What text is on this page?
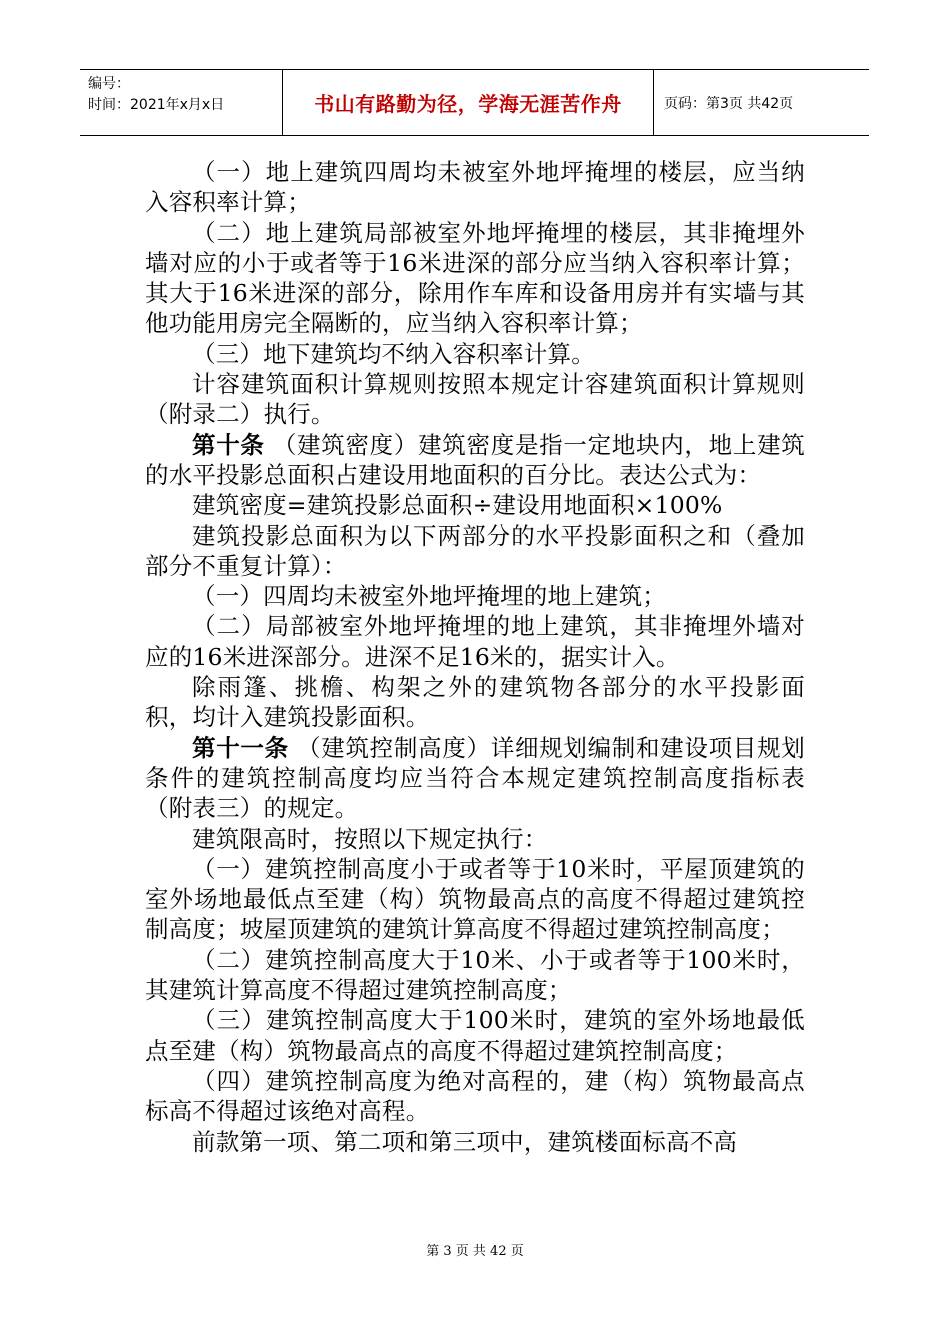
编号：
时间：2021年x月x日	书山有路勤为径，学海无涯苦作舟	页码：第3页 共42页

（一）地上建筑四周均未被室外地坪掩埋的楼层，应当纳入容积率计算；

（二）地上建筑局部被室外地坪掩埋的楼层，其非掩埋外墙对应的小于或者等于16米进深的部分应当纳入容积率计算；其大于16米进深的部分，除用作车库和设备用房并有实墙与其他功能用房完全隔断的，应当纳入容积率计算；

（三）地下建筑均不纳入容积率计算。

计容建筑面积计算规则按照本规定计容建筑面积计算规则（附录二）执行。

第十条 （建筑密度）建筑密度是指一定地块内，地上建筑的水平投影总面积占建设用地面积的百分比。表达公式为：

建筑密度=建筑投影总面积÷建设用地面积×100%

建筑投影总面积为以下两部分的水平投影面积之和（叠加部分不重复计算）：

（一）四周均未被室外地坪掩埋的地上建筑；

（二）局部被室外地坪掩埋的地上建筑，其非掩埋外墙对应的16米进深部分。进深不足16米的，据实计入。

除雨篷、挑檐、构架之外的建筑物各部分的水平投影面积，均计入建筑投影面积。

第十一条 （建筑控制高度）详细规划编制和建设项目规划条件的建筑控制高度均应当符合本规定建筑控制高度指标表（附表三）的规定。

建筑限高时，按照以下规定执行：

（一）建筑控制高度小于或者等于10米时，平屋顶建筑的室外场地最低点至建（构）筑物最高点的高度不得超过建筑控制高度；坡屋顶建筑的建筑计算高度不得超过建筑控制高度；

（二）建筑控制高度大于10米、小于或者等于100米时，其建筑计算高度不得超过建筑控制高度；

（三）建筑控制高度大于100米时，建筑的室外场地最低点至建（构）筑物最高点的高度不得超过建筑控制高度；

（四）建筑控制高度为绝对高程的，建（构）筑物最高点标高不得超过该绝对高程。

前款第一项、第二项和第三项中，建筑楼面标高不高

第 3 页 共 42 页
